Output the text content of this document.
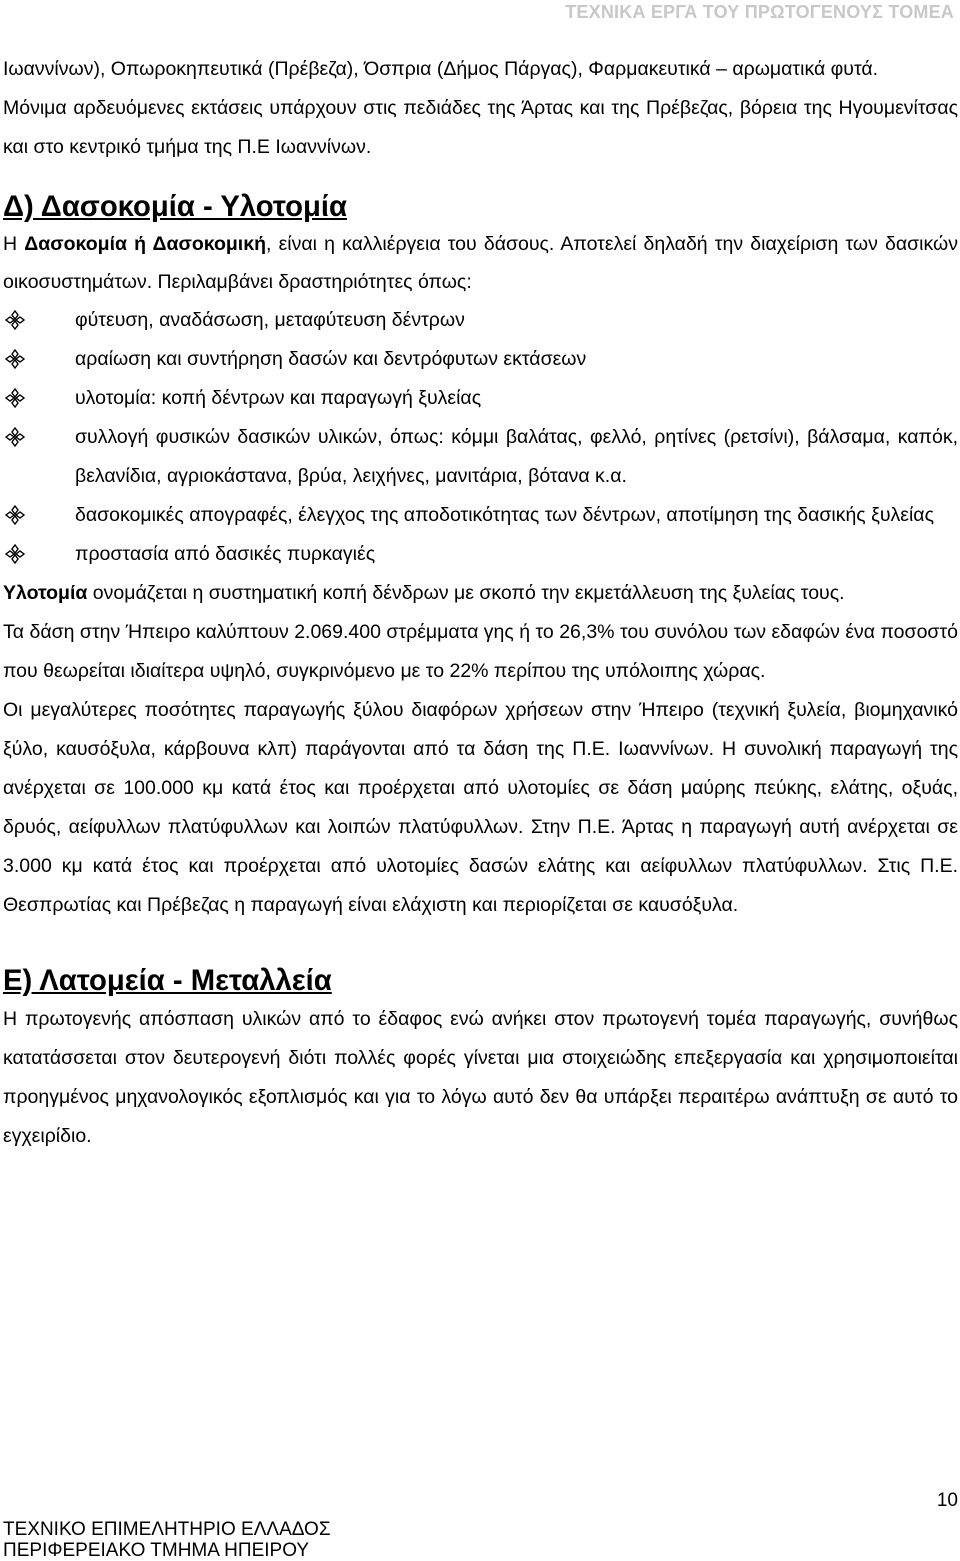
ΤΕΧΝΙΚΑ ΕΡΓΑ ΤΟΥ ΠΡΩΤΟΓΕΝΟΥΣ ΤΟΜΕΑ

Ιωαννίνων), Οπωροκηπευτικά (Πρέβεζα), Όσπρια (Δήμος Πάργας), Φαρμακευτικά – αρωματικά φυτά.

Μόνιμα αρδευόμενες εκτάσεις υπάρχουν στις πεδιάδες της Άρτας και της Πρέβεζας, βόρεια της Ηγουμενίτσας και στο κεντρικό τμήμα της Π.Ε Ιωαννίνων.

Δ) Δασοκομία - Υλοτομία

Η Δασοκομία ή Δασοκομική, είναι η καλλιέργεια του δάσους. Αποτελεί δηλαδή την διαχείριση των δασικών οικοσυστημάτων. Περιλαμβάνει δραστηριότητες όπως:

φύτευση, αναδάσωση, μεταφύτευση δέντρων
αραίωση και συντήρηση δασών και δεντρόφυτων εκτάσεων
υλοτομία: κοπή δέντρων και παραγωγή ξυλείας
συλλογή φυσικών δασικών υλικών, όπως: κόμμι βαλάτας, φελλό, ρητίνες (ρετσίνι), βάλσαμα, καπόκ, βελανίδια, αγριοκάστανα, βρύα, λειχήνες, μανιτάρια, βότανα κ.α.
δασοκομικές απογραφές, έλεγχος της αποδοτικότητας των δέντρων, αποτίμηση της δασικής ξυλείας
προστασία από δασικές πυρκαγιές

Υλοτομία ονομάζεται η συστηματική κοπή δένδρων με σκοπό την εκμετάλλευση της ξυλείας τους.

Τα δάση στην Ήπειρο καλύπτουν 2.069.400 στρέμματα γης ή το 26,3% του συνόλου των εδαφών ένα ποσοστό που θεωρείται ιδιαίτερα υψηλό, συγκρινόμενο με το 22% περίπου της υπόλοιπης χώρας.

Οι μεγαλύτερες ποσότητες παραγωγής ξύλου διαφόρων χρήσεων στην Ήπειρο (τεχνική ξυλεία, βιομηχανικό ξύλο, καυσόξυλα, κάρβουνα κλπ) παράγονται από τα δάση της Π.Ε. Ιωαννίνων. Η συνολική παραγωγή της ανέρχεται σε 100.000 κμ κατά έτος και προέρχεται από υλοτομίες σε δάση μαύρης πεύκης, ελάτης, οξυάς, δρυός, αείφυλλων πλατύφυλλων και λοιπών πλατύφυλλων. Στην Π.Ε. Άρτας η παραγωγή αυτή ανέρχεται σε 3.000 κμ κατά έτος και προέρχεται από υλοτομίες δασών ελάτης και αείφυλλων πλατύφυλλων. Στις Π.Ε. Θεσπρωτίας και Πρέβεζας η παραγωγή είναι ελάχιστη και περιορίζεται σε καυσόξυλα.

Ε) Λατομεία - Μεταλλεία

Η πρωτογενής απόσπαση υλικών από το έδαφος ενώ ανήκει στον πρωτογενή τομέα παραγωγής, συνήθως κατατάσσεται στον δευτερογενή διότι πολλές φορές γίνεται μια στοιχειώδης επεξεργασία και χρησιμοποιείται προηγμένος μηχανολογικός εξοπλισμός και για το λόγω αυτό δεν θα υπάρξει περαιτέρω ανάπτυξη σε αυτό το εγχειρίδιο.

10
ΤΕΧΝΙΚΟ ΕΠΙΜΕΛΗΤΗΡΙΟ ΕΛΛΑΔΟΣ
ΠΕΡΙΦΕΡΕΙΑΚΟ ΤΜΗΜΑ ΗΠΕΙΡΟΥ
